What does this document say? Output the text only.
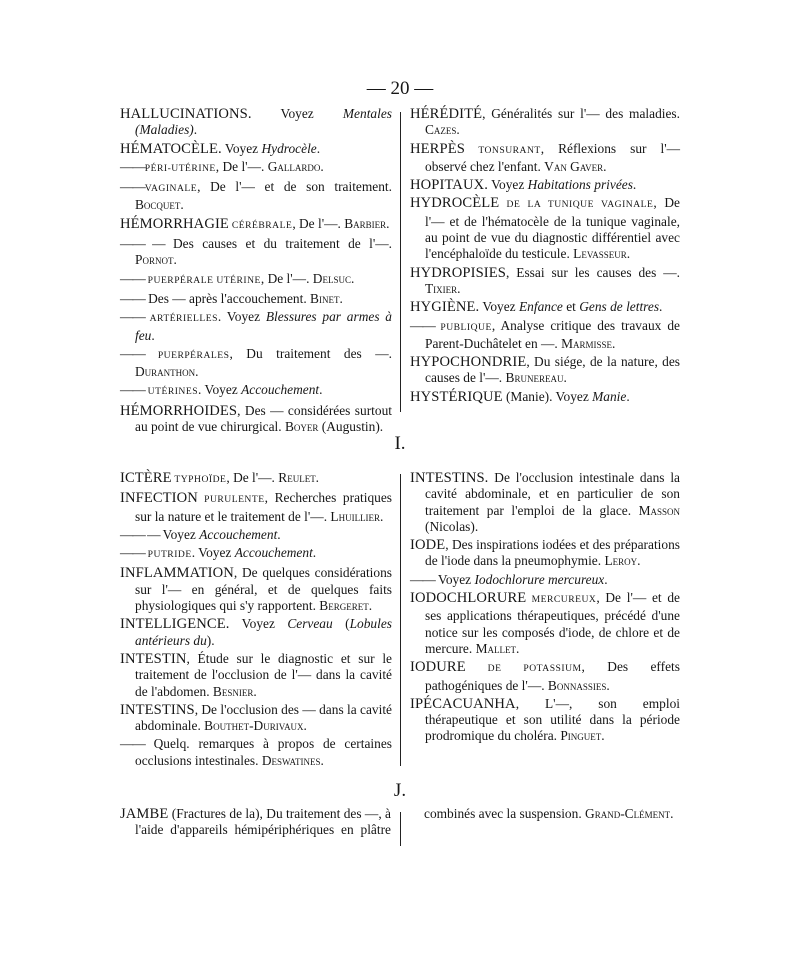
— 20 —
HALLUCINATIONS. Voyez Mentales (Maladies).
HÉMATOCÈLE. Voyez Hydrocèle.
——PÉRI-UTÉRINE, De l'—. Gallardo.
——VAGINALE, De l'— et de son traitement. Bocquet.
HÉMORRHAGIE CÉRÉBRALE, De l'—. Barbier.
—— — Des causes et du traitement de l'—. Pornot.
—— PUERPÉRALE UTÉRINE, De l'—. Delsuc.
—— Des — après l'accouchement. Binet.
—— ARTÉRIELLES. Voyez Blessures par armes à feu.
—— PUERPÉRALES, Du traitement des —. Duranthon.
—— UTÉRINES. Voyez Accouchement.
HÉMORRHOIDES, Des — considérées surtout au point de vue chirurgical. Boyer (Augustin).
HÉRÉDITÉ, Généralités sur l'— des maladies. Cazes.
HERPÈS TONSURANT, Réflexions sur l'— observé chez l'enfant. Van Gaver.
HOPITAUX. Voyez Habitations privées.
HYDROCÈLE DE LA TUNIQUE VAGINALE, De l'— et de l'hématocèle de la tunique vaginale, au point de vue du diagnostic différentiel avec l'encéphaloïde du testicule. Levasseur.
HYDROPISIES, Essai sur les causes des —. Tixier.
HYGIÈNE. Voyez Enfance et Gens de lettres.
—— PUBLIQUE, Analyse critique des travaux de Parent-Duchâtelet en —. Marmisse.
HYPOCHONDRIE, Du siége, de la nature, des causes de l'—. Brunereau.
HYSTÉRIQUE (Manie). Voyez Manie.
I.
ICTÈRE TYPHOÏDE, De l'—. Reulet.
INFECTION PURULENTE, Recherches pratiques sur la nature et le traitement de l'—. Lhuillier.
—— — Voyez Accouchement.
—— PUTRIDE. Voyez Accouchement.
INFLAMMATION, De quelques considérations sur l'— en général, et de quelques faits physiologiques qui s'y rapportent. Bergeret.
INTELLIGENCE. Voyez Cerveau (Lobules antérieurs du).
INTESTIN, Étude sur le diagnostic et sur le traitement de l'occlusion de l'— dans la cavité de l'abdomen. Besnier.
INTESTINS, De l'occlusion des — dans la cavité abdominale. Bouthet-Durivaux.
—— Quelq. remarques à propos de certaines occlusions intestinales. Deswatines.
INTESTINS. De l'occlusion intestinale dans la cavité abdominale, et en particulier de son traitement par l'emploi de la glace. Masson (Nicolas).
IODE, Des inspirations iodées et des préparations de l'iode dans la pneumophymie. Leroy.
—— Voyez Iodochlorure mercureux.
IODOCHLORURE MERCUREUX, De l'— et de ses applications thérapeutiques, précédé d'une notice sur les composés d'iode, de chlore et de mercure. Mallet.
IODURE DE POTASSIUM, Des effets pathogéniques de l'—. Bonnassies.
IPÉCACUANHA, L'—, son emploi thérapeutique et son utilité dans la période prodromique du choléra. Pinguet.
J.
JAMBE (Fractures de la), Du traitement des —, à l'aide d'appareils hémipériphériques en plâtre combinés avec la suspension. Grand-Clément.
